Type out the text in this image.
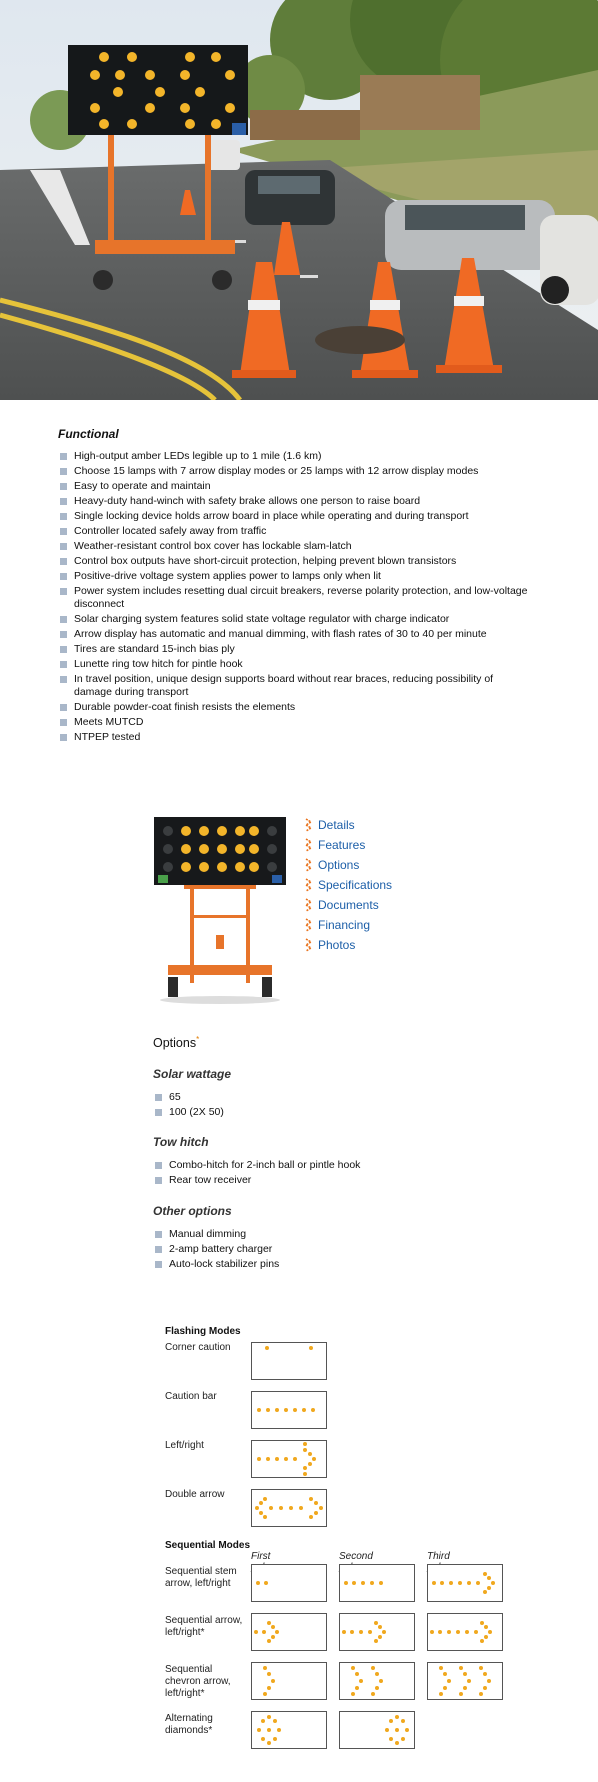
Functional
High-output amber LEDs legible up to 1 mile (1.6 km)
Choose 15 lamps with 7 arrow display modes or 25 lamps with 12 arrow display modes
Easy to operate and maintain
Heavy-duty hand-winch with safety brake allows one person to raise board
Single locking device holds arrow board in place while operating and during transport
Controller located safely away from traffic
Weather-resistant control box cover has lockable slam-latch
Control box outputs have short-circuit protection, helping prevent blown transistors
Positive-drive voltage system applies power to lamps only when lit
Power system includes resetting dual circuit breakers, reverse polarity protection, and low-voltage disconnect
Solar charging system features solid state voltage regulator with charge indicator
Arrow display has automatic and manual dimming, with flash rates of 30 to 40 per minute
Tires are standard 15-inch bias ply
Lunette ring tow hitch for pintle hook
In travel position, unique design supports board without rear braces, reducing possibility of damage during transport
Durable powder-coat finish resists the elements
Meets MUTCD
NTPEP tested
Details
Features
Options
Specifications
Documents
Financing
Photos
Options*
Solar wattage
65
100 (2X 50)
Tow hitch
Combo-hitch for 2-inch ball or pintle hook
Rear tow receiver
Other options
Manual dimming
2-amp battery charger
Auto-lock stabilizer pins
Flashing Modes
Corner caution
Caution bar
Left/right
Double arrow
Sequential Modes
First	Second	Third
Sequential stem arrow, left/right
Sequential arrow, left/right*
Sequential chevron arrow, left/right*
Alternating diamonds*
